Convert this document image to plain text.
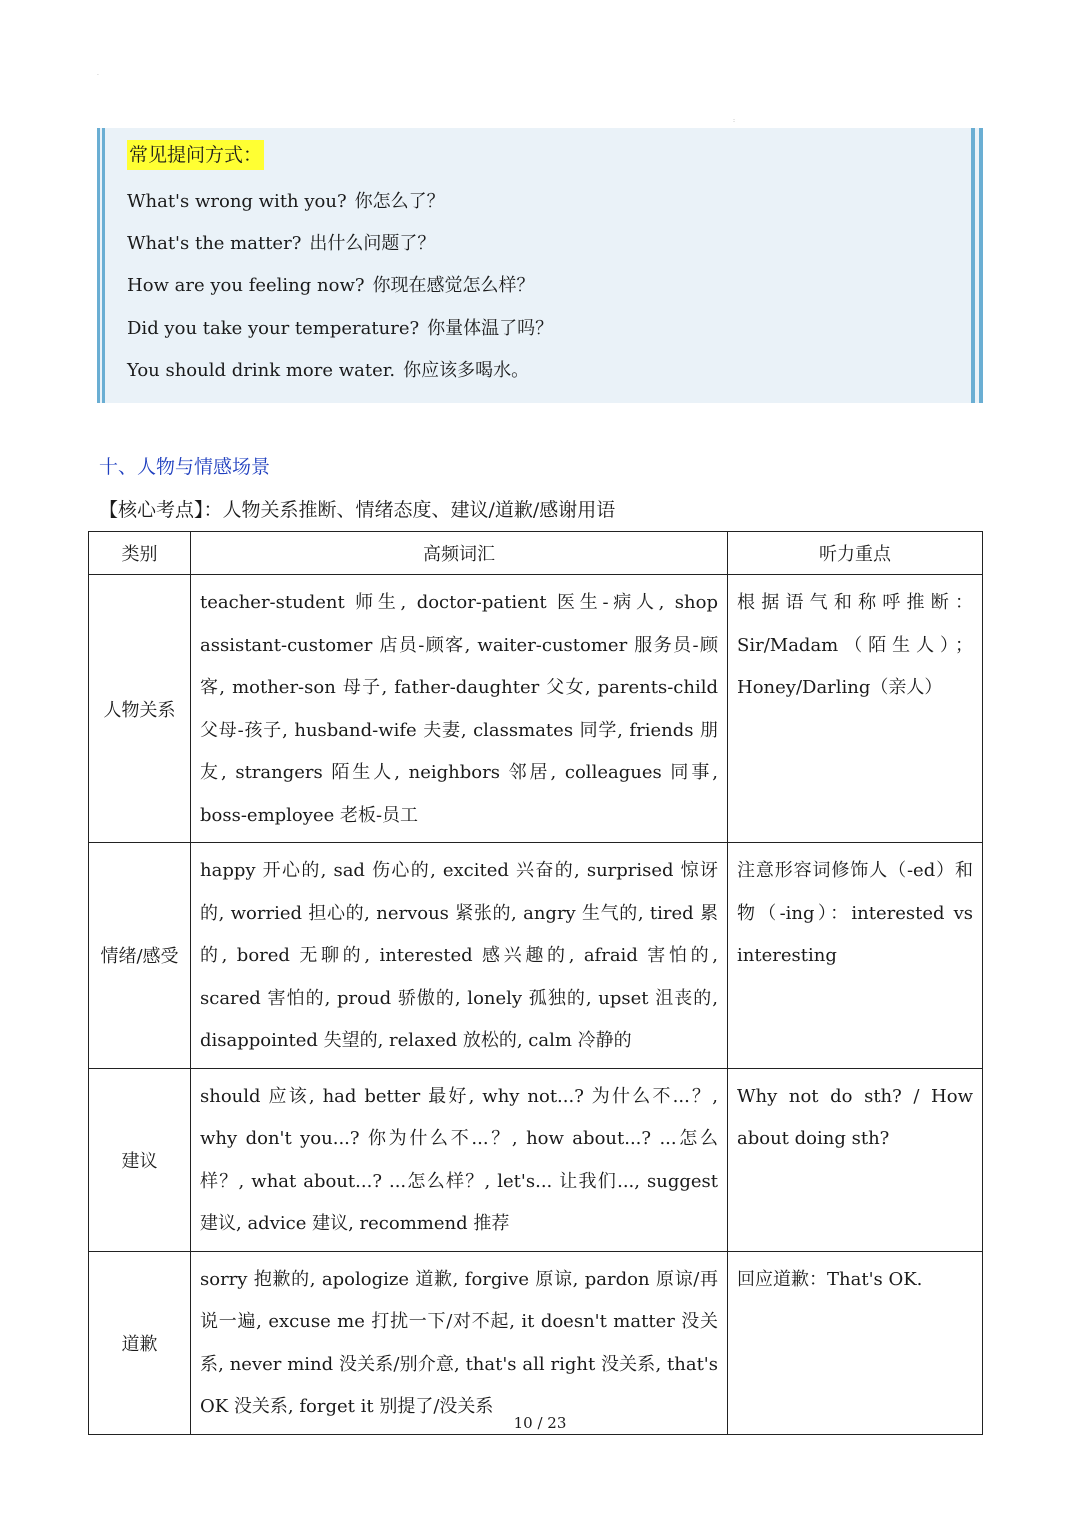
·
:
常见提问方式：
What's wrong with you? 你怎么了？
What's the matter? 出什么问题了？
How are you feeling now? 你现在感觉怎么样？
Did you take your temperature? 你量体温了吗？
You should drink more water. 你应该多喝水。
十、人物与情感场景
【核心考点】：人物关系推断、情绪态度、建议/道歉/感谢用语
类别	高频词汇	听力重点
人物关系	teacher-student 师生, doctor-patient 医生-病人, shop assistant-customer 店员-顾客, waiter-customer 服务员-顾客, mother-son 母子, father-daughter 父女, parents-child 父母-孩子, husband-wife 夫妻, classmates 同学, friends 朋友, strangers 陌生人, neighbors 邻居, colleagues 同事, boss-employee 老板-员工	根据语气和称呼推断：Sir/Madam（陌生人）；Honey/Darling（亲人）
情绪/感受	happy 开心的, sad 伤心的, excited 兴奋的, surprised 惊讶的, worried 担心的, nervous 紧张的, angry 生气的, tired 累的, bored 无聊的, interested 感兴趣的, afraid 害怕的, scared 害怕的, proud 骄傲的, lonely 孤独的, upset 沮丧的, disappointed 失望的, relaxed 放松的, calm 冷静的	注意形容词修饰人（-ed）和物（-ing）：interested vs interesting
建议	should 应该, had better 最好, why not...? 为什么不...？, why don't you...? 你为什么不...？, how about...? ...怎么样？, what about...? ...怎么样？, let's... 让我们..., suggest 建议, advice 建议, recommend 推荐	Why not do sth? / How about doing sth?
道歉	sorry 抱歉的, apologize 道歉, forgive 原谅, pardon 原谅/再说一遍, excuse me 打扰一下/对不起, it doesn't matter 没关系, never mind 没关系/别介意, that's all right 没关系, that's OK 没关系, forget it 别提了/没关系	回应道歉：That's OK.
10 / 23
